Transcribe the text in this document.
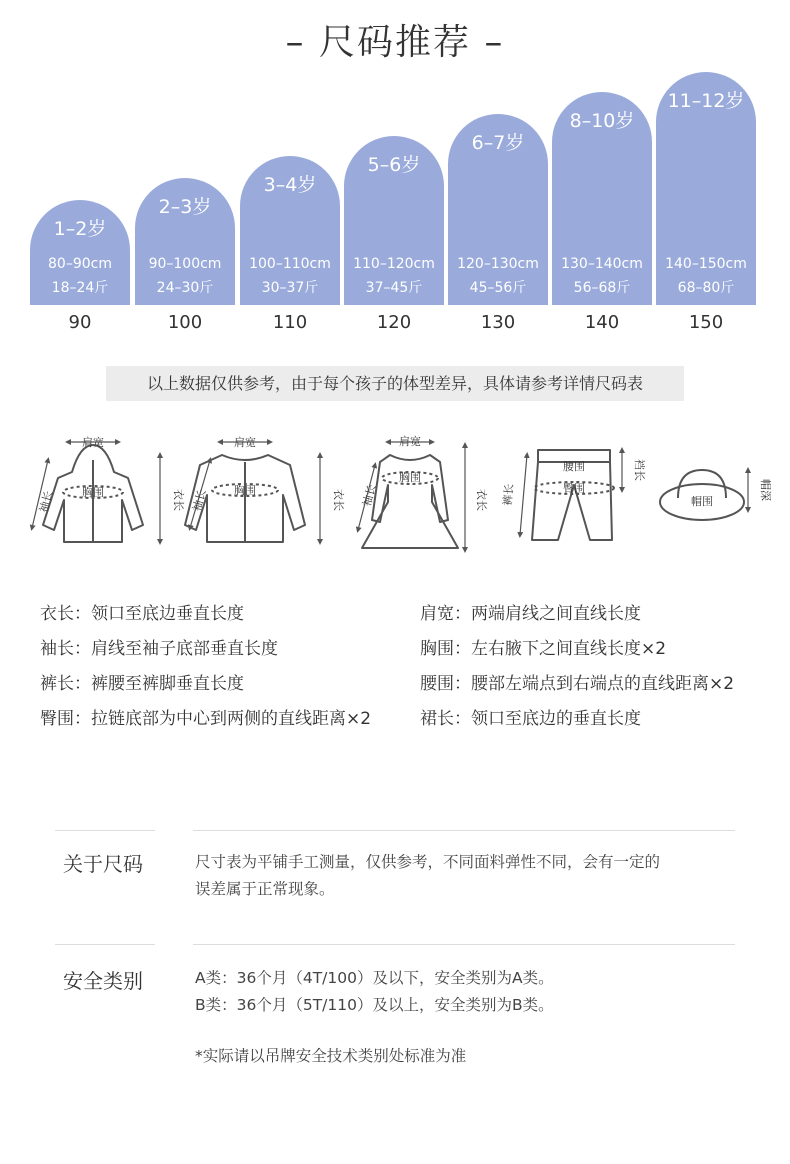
– 尺码推荐 –
1–2岁
80–90cm
18–24斤
90
2–3岁
90–100cm
24–30斤
100
3–4岁
100–110cm
30–37斤
110
5–6岁
110–120cm
37–45斤
120
6–7岁
120–130cm
45–56斤
130
8–10岁
130–140cm
56–68斤
140
11–12岁
140–150cm
68–80斤
150
以上数据仅供参考，由于每个孩子的体型差异，具体请参考详情尺码表
肩宽
胸围
袖长	衣长
肩宽
胸围
袖长	衣长
肩宽
胸围
袖长	衣长
腰围
臀围
裤长
裆长
帽围
帽深
衣长：领口至底边垂直长度
袖长：肩线至袖子底部垂直长度
裤长：裤腰至裤脚垂直长度
臀围：拉链底部为中心到两侧的直线距离×2
肩宽：两端肩线之间直线长度
胸围：左右腋下之间直线长度×2
腰围：腰部左端点到右端点的直线距离×2
裙长：领口至底边的垂直长度
关于尺码	尺寸表为平铺手工测量，仅供参考，不同面料弹性不同，会有一定的
误差属于正常现象。
安全类别	A类：36个月（4T/100）及以下，安全类别为A类。
B类：36个月（5T/110）及以上，安全类别为B类。
*实际请以吊牌安全技术类别处标准为准
